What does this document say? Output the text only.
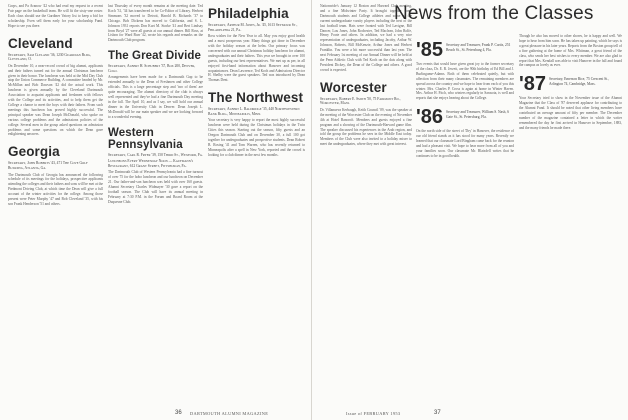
Corps, and Pa Aranow '42 who had read my request in a recent Fair page on the basketball team. He will fit the sixty-one roster. Each class should use the Gardiner Vatory list to keep a bid for scholarship. Even sell them early for your scholarship Fund. Hope to see you there.

Cleveland

Secretary, Sam Cleland '36, 1230 Guardian Bldg, Cleveland, O.

On December 10, a near-record crowd of big alumni, applicants and their fathers turned out for the annual Christmas luncheon given in their honor. The luncheon was held at the Mid Day Club atop the Union Commerce Building. A committee headed by Mr. McMillan and Bob Dawson '42 did the actual work. This luncheon is given annually by the Cleveland Dartmouth Association to acquaint applicants and freshmen with fellows with the College and its activities, and to help them get the College a chance to meet the boys with their fathers. From such meetings this luncheon has proved highly successful. The principal speaker was Dean Joseph McDonald, who spoke on various college problems and the admissions policies of the college. Several men in the group asked questions on admission problems and some questions on which the Dean gave enlightening answers.

Georgia

Secretary, John Roberts '43, 471 The Cove Golf Building, Atlanta, Ga.

The Dartmouth Club of Georgia has announced the following schedule of its meetings for the holidays, prospective applicants attending the colleges and their fathers and sons will be met at the Piedmont Driving Club, at which time the Dean will give a full account of the winter activities for the college. Among those present were Peter Murphy '47 and Bob Cleveland '35, with his son Frank Henderson '51 and others.

last Thursday of every month remains at the meeting date. Ted Koch '31, '34 has transferred to be Co-Editor of Library. Herbert Simmons '32 moved to Detroit, Harold B. Richards '37 to Chicago. Bob Dickens has moved to California, and S. L. Johnson 1931 reports Don Kurt M. Storke '41 and Bert Lindsay from Boyd '27 were all guests at our annual dinner. Bill Ross, at Lisbon for Ward Burr '42, wrote his regards and remarks on the Dartmouth Club program.

The Great Divide

Secretary, Albert H. Schubert '37, Box 200, Denver, Colo.

Arrangements have been made for a Dartmouth Gap to be extended annually to the Dean of Freshmen and other College officials. This is a large percentage step and 'two of them' are quite encouraging. The alumni directory of the club is always well represented and they've had a fine Dartmouth Day meeting in the fall. The April 10, and as I say, we will hold our annual dinner in the University Club in Denver. Dean Joseph L. McDonald will be our main speaker and we are looking forward to a wonderful evening.

Western Pennsylvania

Secretary, Carl R. Fryer '39, 150 Third St., Wexford, Pa.

Luncheons Every Wednesday Noon — Kaufmann's Restaurant, 612 Grant Street, Pittsburgh, Pa.

The Dartmouth Club of Western Pennsylvania had a fine turnout of over 75 for the hobo luncheon and our luncheon on December 21. Our father-and-son luncheon was held with over 160 guests. Alumni Secretary Charles Widmayer '30 gave a report on the football season. The Club will have its annual meeting in February at 7:30 P.M. in the Forum and Board Room at the Duquesne Club.

Philadelphia

Secretary, Arthur M. Jones, Jr. '45, 1613 Seymour St., Philadelphia 21, Pa.

Ross wishes for the New Year to all. May you enjoy good health and a most prosperous year. Many things got done in December with the holiday season at the helm. Our primary focus was concerned with our annual Christmas holiday luncheon for alumni, undergraduates and their fathers. This year we brought in over 100 guests, including our best representatives. We met up as per, in all enjoyed first-hand information about Hanover and incoming acquaintances. Dean Lawrence, Ted Koch and Admissions Director H. Shelby were the guest speakers. Ted was introduced by Dean Thomas Dent.

The Northwest

Secretary, Albert L. Baldridge '35, 440 Northwestern Bank Bldg., Minneapolis, Minn.

Your secretary is very happy to report the most highly successful luncheon were held during the Christmas holidays in the Twin Cities this season. Starting out the season, fifty guests and an Oregon Dartmouth Club and on December 30, a full 100 got together for undergraduates and prospective students. Dean Robert B. Rosing '41 and Tom Warren, who has recently returned to Minneapolis after a spell in New York, reported and the crowd is looking for a club dinner in the next few months.

36 DARTMOUTH ALUMNI MAGAZINE

Nationwide's January 12 Boston and Harvard Club meeting, and a fine Midwinter Party. It brought together some Dartmouth students and College athletes and some of the current undergraduate varsity players including the best of the last football team. Hats were fronted with Ted Lavigne, Bill Dancer, Lou Jones, John Rochester, Ted Maclean, John Rolfe, Henry Foote and others. In addition, we had a very nice representation of undergraduates, including Jacoby, Arthur W. Johnson, Roberts, Bill McKenzie, Arthur Jones and Herbert Franklin. You were a bit more successful than last year. The next February 1st meeting of our Annual Dinner will be held at the Penn Athletic Club with Ted Koch on the dais along with President Dickey, the Dean of the College and others. A good crowd is expected.

Worcester

Secretary, Robert E. Smith '50, 75 Fairmont Rd., Worcester, Mass.

Dr. Villanueva Kerbaugh, Keith Council '09, was the speaker at the meeting of the Worcester Club on the evening of November 4th at Hotel Bancroft. Members and guests enjoyed a fine program and a showing of the Dartmouth-Harvard game film. The speaker discussed his experiences in the Arab region, and told the group the problems he sees in the Middle East today. Members of the Club were also invited to a holiday mixer to meet the undergraduates, where they met with great interest.

News from the Classes
'85 Secretary and Treasurer, Frank P. Curtis, 251 Beach St., St. Petersburg 4, Fla.

Two events that would have given great joy to the former secretary of the class, Dr. E. R. Jewett, are the 90th birthday of Ed Bill and J. Burlingame-Adams. Both of them celebrated quietly, but with affection from their many classmates. The remaining members are spread across the country and we hope to hear from each of you this winter. Mrs. Charles P. Cross is again at home in Winter Haven. Mrs. Arthur H. Fitch, who winters regularly in Sarasota, is well and reports that she enjoys hearing about the College.

'86 Secretary and Treasurer, William S. Nash, 6 Gate St., St. Petersburg, Fla.

On the north side of the street of 'Dry' in Hanover, the residence of our old friend stands as it has stood for many years. Recently we learned that our classmate Lord Bingham came back for the reunion and had a pleasant visit. We hope to hear more from all of you and your families soon. Our classmate Mr. Blaisdell writes that he continues to be in good health.

Though he also has moved to other shores, he is happy and well. We hope to hear from him soon. He has taken up painting, which he says is a great pleasure in his later years. Reports from the Boston group tell of a fine gathering at the home of Mrs. Whitman, a great friend of the class, who sends her best wishes to every member. We are also glad to report that Mrs. Kendall was able to visit Hanover in the fall and found the campus as lovely as ever.

'87 Secretary, Emerson Rice, 75 Crescent St., Arlington 74, Cambridge, Mass.

Your Secretary tried to show in the November issue of the Alumni Magazine that the Class of '87 deserved applause for contributing to the Alumni Fund. It should be noted that other living members have contributed an average amount of fifty per member. The December number of the magazine contained a letter in which the writer remembered the day he first arrived in Hanover in September, 1883, and the many friends he made there.

Issue of FEBRUARY 1953	37
